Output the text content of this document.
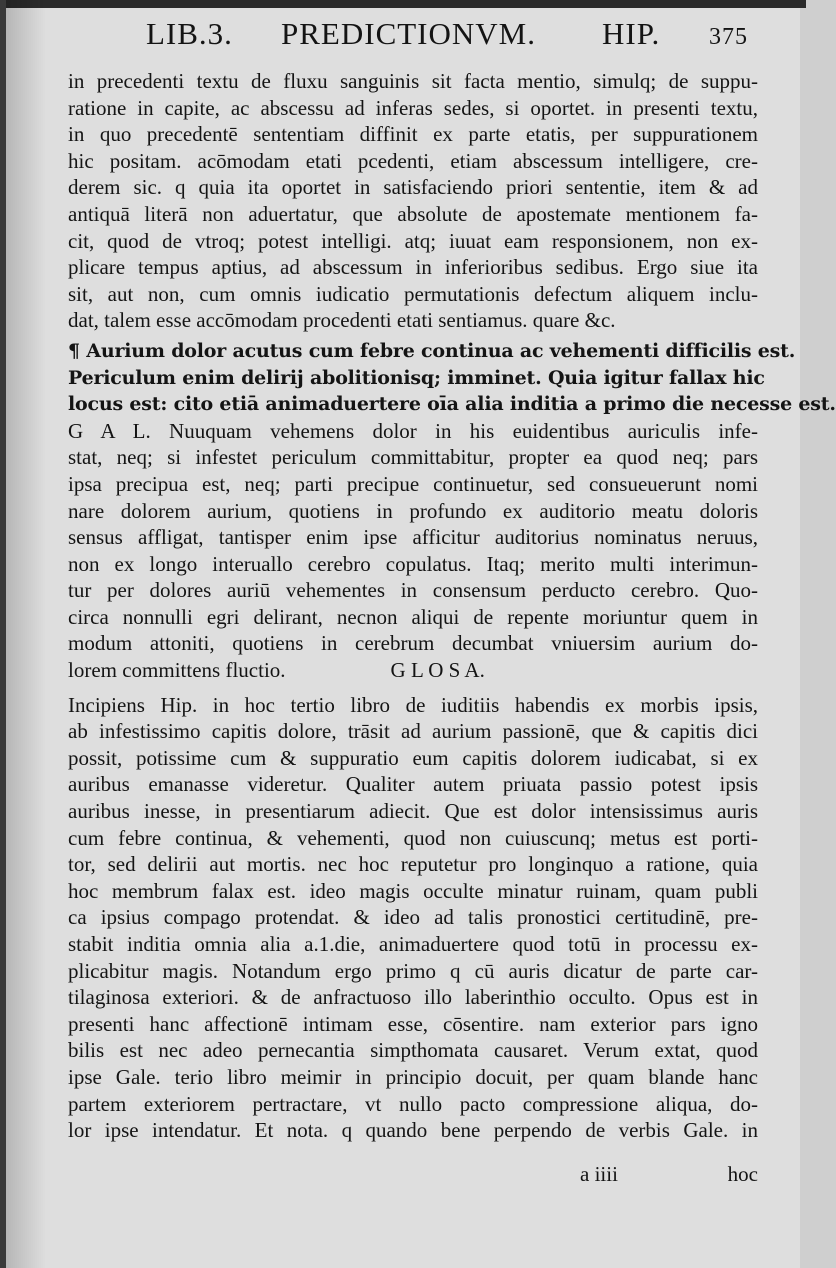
LIB.3. PREDICTIONVM. HIP. 375
in precedenti textu de fluxu sanguinis sit facta mentio, simulq; de suppu-
ratione in capite, ac abscessu ad inferas sedes, si oportet. in presenti textu,
in quo precedentē sententiam diffinit ex parte etatis, per suppurationem
hic positam. acōmodam etati pcedenti, etiam abscessum intelligere, cre-
derem sic. q quia ita oportet in satisfaciendo priori sententie, item & ad
antiquā literā non aduertatur, que absolute de apostemate mentionem fa-
cit, quod de vtroq; potest intelligi. atq; iuuat eam responsionem, non ex-
plicare tempus aptius, ad abscessum in inferioribus sedibus. Ergo siue ita
sit, aut non, cum omnis iudicatio permutationis defectum aliquem inclu-
dat, talem esse accōmodam procedenti etati sentiamus. quare &c.
¶ Aurium dolor acutus cum febre continua ac vehementi difficilis est.
Periculum enim delirij abolitionisq; imminet. Quia igitur fallax hic
locus est: cito etiā animaduertere oīa alia inditia a primo die necesse est.
G A L. Nuuquam vehemens dolor in his euidentibus auriculis infe-
stat, neq; si infestet periculum committabitur, propter ea quod neq; pars
ipsa precipua est, neq; parti precipue continuetur, sed consueuerunt nomi
nare dolorem aurium, quotiens in profundo ex auditorio meatu doloris
sensus affligat, tantisper enim ipse afficitur auditorius nominatus neruus,
non ex longo interuallo cerebro copulatus. Itaq; merito multi interimun-
tur per dolores auriū vehementes in consensum perducto cerebro. Quo-
circa nonnulli egri delirant, necnon aliqui de repente moriuntur quem in
modum attoniti, quotiens in cerebrum decumbat vniuersim aurium do-
lorem committens fluctio.                    G L O S A.
Incipiens Hip. in hoc tertio libro de iuditiis habendis ex morbis ipsis,
ab infestissimo capitis dolore, trāsit ad aurium passionē, que & capitis dici
possit, potissime cum & suppuratio eum capitis dolorem iudicabat, si ex
auribus emanasse videretur. Qualiter autem priuata passio potest ipsis
auribus inesse, in presentiarum adiecit. Que est dolor intensissimus auris
cum febre continua, & vehementi, quod non cuiuscunq; metus est porti-
tor, sed delirii aut mortis. nec hoc reputetur pro longinquo a ratione, quia
hoc membrum falax est. ideo magis occulte minatur ruinam, quam publi
ca ipsius compago protendat. & ideo ad talis pronostici certitudinē, pre-
stabit inditia omnia alia a.1.die, animaduertere quod totū in processu ex-
plicabitur magis. Notandum ergo primo q cū auris dicatur de parte car-
tilaginosa exteriori. & de anfractuoso illo laberinthio occulto. Opus est in
presenti hanc affectionē intimam esse, cōsentire. nam exterior pars igno
bilis est nec adeo pernecantia simpthomata causaret. Verum extat, quod
ipse Gale. terio libro meimir in principio docuit, per quam blande hanc
partem exteriorem pertractare, vt nullo pacto compressione aliqua, do-
lor ipse intendatur. Et nota. q quando bene perpendo de verbis Gale. in
a iiii	hoc
